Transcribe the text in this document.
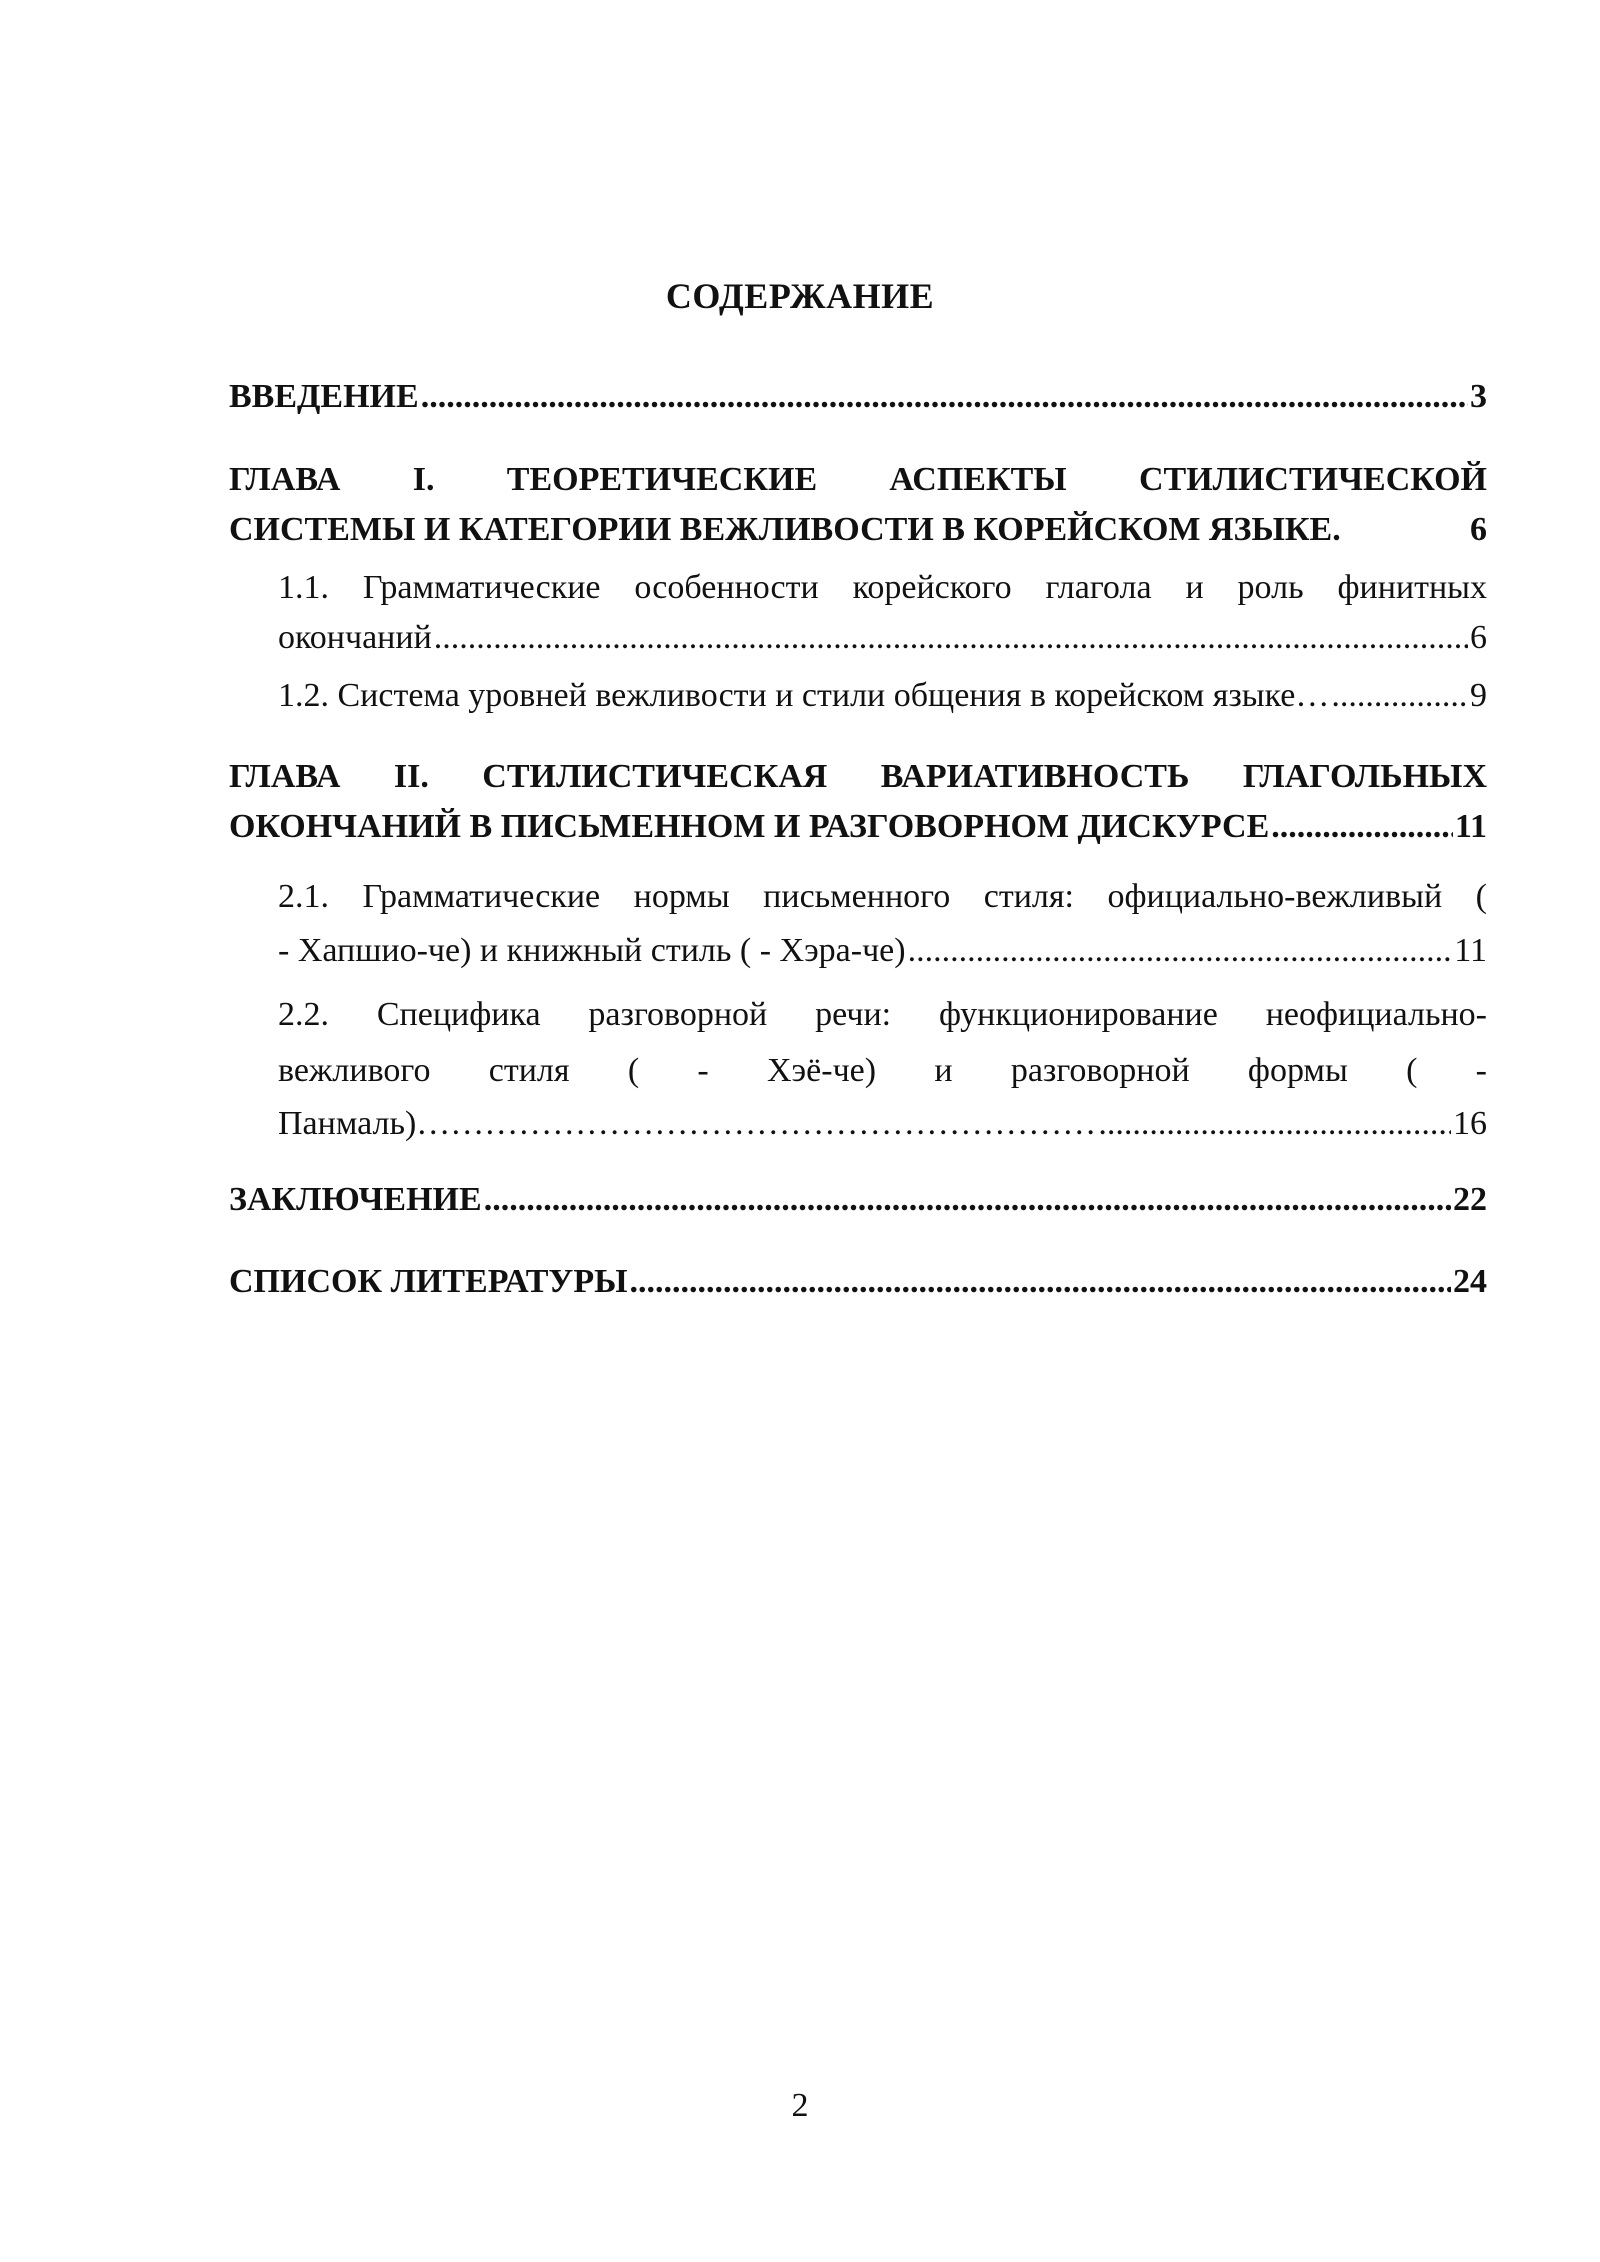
СОДЕРЖАНИЕ
ВВЕДЕНИЕ .....	3
ГЛАВА I. ТЕОРЕТИЧЕСКИЕ АСПЕКТЫ СТИЛИСТИЧЕСКОЙ
СИСТЕМЫ И КАТЕГОРИИ ВЕЖЛИВОСТИ В КОРЕЙСКОМ ЯЗЫКЕ.	6
1.1. Грамматические особенности корейского глагола и роль финитных
окончаний .....	6
1.2. Система уровней вежливости и стили общения в корейском языке… .....	9
ГЛАВА II. СТИЛИСТИЧЕСКАЯ ВАРИАТИВНОСТЬ ГЛАГОЛЬНЫХ
ОКОНЧАНИЙ В ПИСЬМЕННОМ И РАЗГОВОРНОМ ДИСКУРСЕ .....	11
2.1. Грамматические нормы письменного стиля: официально-вежливый (
- Хапшио-че) и книжный стиль ( - Хэра-че) .....	11
2.2. Специфика разговорной речи: функционирование неофициально-
вежливого стиля ( - Хэё-че) и разговорной формы ( -
Панмаль)…………………………………………………… .....	16
ЗАКЛЮЧЕНИЕ .....	22
СПИСОК ЛИТЕРАТУРЫ .....	24
2
